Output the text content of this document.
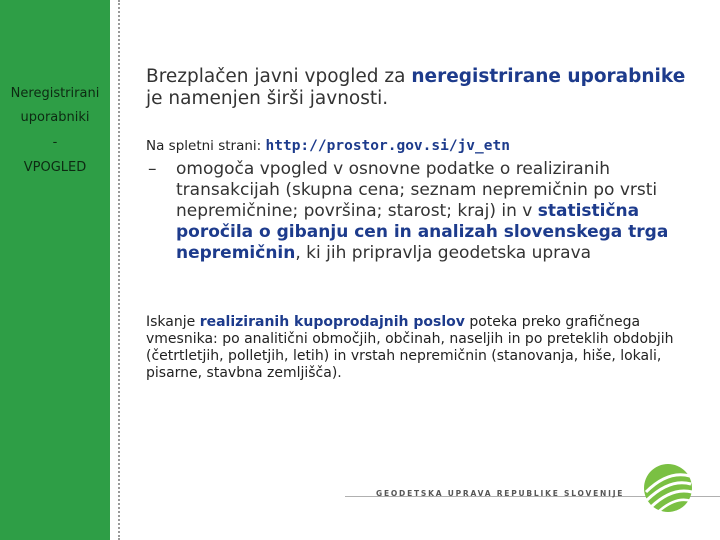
Neregistrirani
uporabniki
-
VPOGLED
Brezplačen javni vpogled za neregistrirane uporabnike je namenjen širši javnosti.
Na spletni strani: http://prostor.gov.si/jv_etn
–	omogoča vpogled v osnovne podatke o realiziranih transakcijah (skupna cena; seznam nepremičnin po vrsti nepremičnine; površina; starost; kraj) in v statistična poročila o gibanju cen in analizah slovenskega trga nepremičnin, ki jih pripravlja geodetska uprava
Iskanje realiziranih kupoprodajnih poslov poteka preko grafičnega vmesnika: po analitični območjih, občinah, naseljih in po preteklih obdobjih (četrtletjih, polletjih, letih) in vrstah nepremičnin (stanovanja, hiše, lokali, pisarne, stavbna zemljišča).
GEODETSKA UPRAVA REPUBLIKE SLOVENIJE
